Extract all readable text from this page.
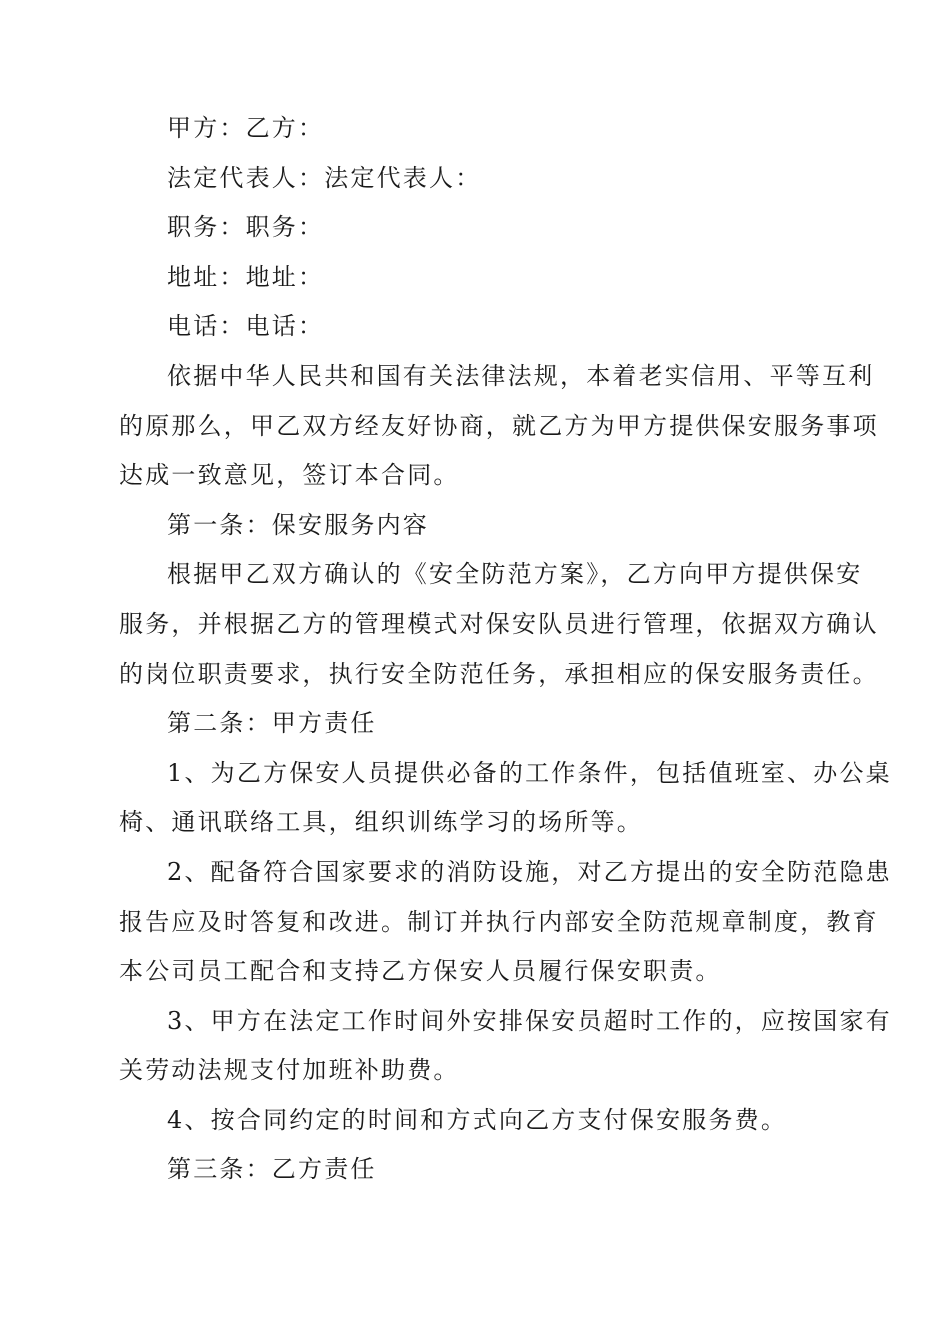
甲方：乙方：
法定代表人：法定代表人：
职务：职务：
地址：地址：
电话：电话：
依据中华人民共和国有关法律法规，本着老实信用、平等互利
的原那么，甲乙双方经友好协商，就乙方为甲方提供保安服务事项
达成一致意见，签订本合同。
第一条：保安服务内容
根据甲乙双方确认的《安全防范方案》，乙方向甲方提供保安
服务，并根据乙方的管理模式对保安队员进行管理，依据双方确认
的岗位职责要求，执行安全防范任务，承担相应的保安服务责任。
第二条：甲方责任
1、为乙方保安人员提供必备的工作条件，包括值班室、办公桌
椅、通讯联络工具，组织训练学习的场所等。
2、配备符合国家要求的消防设施，对乙方提出的安全防范隐患
报告应及时答复和改进。制订并执行内部安全防范规章制度，教育
本公司员工配合和支持乙方保安人员履行保安职责。
3、甲方在法定工作时间外安排保安员超时工作的，应按国家有
关劳动法规支付加班补助费。
4、按合同约定的时间和方式向乙方支付保安服务费。
第三条：乙方责任
